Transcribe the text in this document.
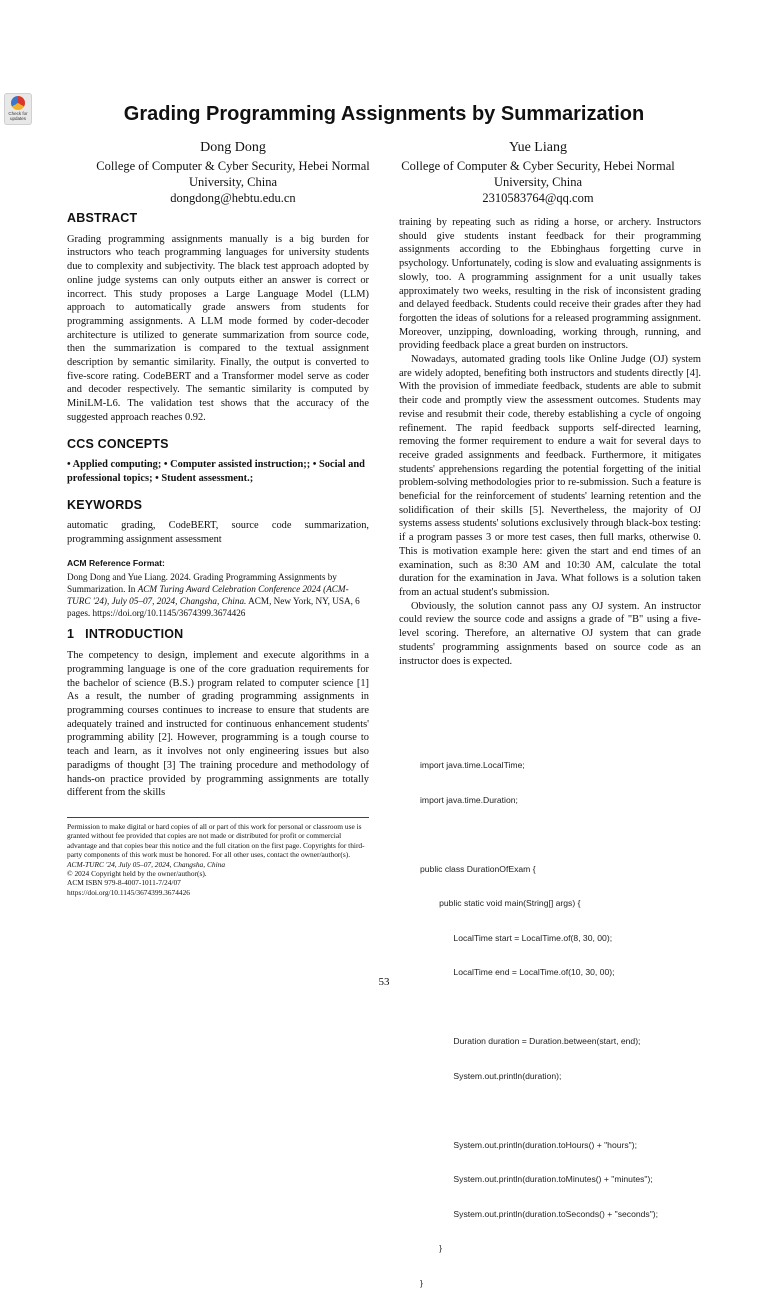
Check for updates	Grading Programming Assignments by Summarization
Dong Dong
College of Computer & Cyber Security, Hebei Normal
University, China
dongdong@hebtu.edu.cn
Yue Liang
College of Computer & Cyber Security, Hebei Normal
University, China
2310583764@qq.com
ABSTRACT

Grading programming assignments manually is a big burden for instructors who teach programming languages for university students due to complexity and subjectivity. The black test approach adopted by online judge systems can only outputs either an answer is correct or incorrect. This study proposes a Large Language Model (LLM) approach to automatically grade answers from students for programming assignments. A LLM mode formed by coder-decoder architecture is utilized to generate summarization from source code, then the summarization is compared to the textual assignment description by semantic similarity. Finally, the output is converted to five-score rating. CodeBERT and a Transformer model serve as coder and decoder respectively. The semantic similarity is computed by MiniLM-L6. The validation test shows that the accuracy of the suggested approach reaches 0.92.

CCS CONCEPTS

• Applied computing; • Computer assisted instruction;; • Social and professional topics; • Student assessment.;

KEYWORDS

automatic grading, CodeBERT, source code summarization, programming assignment assessment

ACM Reference Format:

Dong Dong and Yue Liang. 2024. Grading Programming Assignments by Summarization. In ACM Turing Award Celebration Conference 2024 (ACM-TURC '24), July 05–07, 2024, Changsha, China. ACM, New York, NY, USA, 6 pages. https://doi.org/10.1145/3674399.3674426

1   INTRODUCTION

The competency to design, implement and execute algorithms in a programming language is one of the core graduation requirements for the bachelor of science (B.S.) program related to computer science [1] As a result, the number of grading programming assignments in programming courses continues to increase to ensure that students are adequately trained and instructed for continuous enhancement students' programming ability [2]. However, programming is a tough course to teach and learn, as it involves not only engineering issues but also paradigms of thought [3] The training procedure and methodology of hands-on practice provided by programming assignments are totally different from the skills

training by repeating such as riding a horse, or archery. Instructors should give students instant feedback for their programming assignments according to the Ebbinghaus forgetting curve in psychology. Unfortunately, coding is slow and evaluating assignments is slowly, too. A programming assignment for a unit usually takes approximately two weeks, resulting in the risk of inconsistent grading and delayed feedback. Students could receive their grades after they had forgotten the ideas of solutions for a released programming assignment. Moreover, unzipping, downloading, working through, running, and providing feedback place a great burden on instructors.

Nowadays, automated grading tools like Online Judge (OJ) system are widely adopted, benefiting both instructors and students directly [4]. With the provision of immediate feedback, students are able to submit their code and promptly view the assessment outcomes. Students may revise and resubmit their code, thereby establishing a cycle of ongoing refinement. The rapid feedback supports self-directed learning, removing the former requirement to endure a wait for several days to receive graded assignments and feedback. Furthermore, it mitigates students' apprehensions regarding the potential forgetting of the initial problem-solving methodologies prior to re-submission. Such a feature is beneficial for the reinforcement of students' learning retention and the solidification of their skills [5]. Nevertheless, the majority of OJ systems assess students' solutions exclusively through black-box testing: if a program passes 3 or more test cases, then full marks, otherwise 0. This is motivation example here: given the start and end times of an examination, such as 8:30 AM and 10:30 AM, calculate the total duration for the examination in Java. What follows is a solution taken from an actual student's submission.

Obviously, the solution cannot pass any OJ system. An instructor could review the source code and assigns a grade of "B" using a five-level scoring. Therefore, an alternative OJ system that can grade students' programming assignments based on source code as an instructor does is expected.

import java.time.LocalTime;

import java.time.Duration;

public class DurationOfExam {

public static void main(String[] args) {

LocalTime start = LocalTime.of(8, 30, 00);

LocalTime end = LocalTime.of(10, 30, 00);

Duration duration = Duration.between(start, end);

System.out.println(duration);

System.out.println(duration.toHours() + "hours");

System.out.println(duration.toMinutes() + "minutes");

System.out.println(duration.toSeconds() + "seconds");

}

}

Permission to make digital or hard copies of all or part of this work for personal or classroom use is granted without fee provided that copies are not made or distributed for profit or commercial advantage and that copies bear this notice and the full citation on the first page. Copyrights for third-party components of this work must be honored. For all other uses, contact the owner/author(s).
ACM-TURC '24, July 05–07, 2024, Changsha, China
© 2024 Copyright held by the owner/author(s).
ACM ISBN 979-8-4007-1011-7/24/07
https://doi.org/10.1145/3674399.3674426
53
